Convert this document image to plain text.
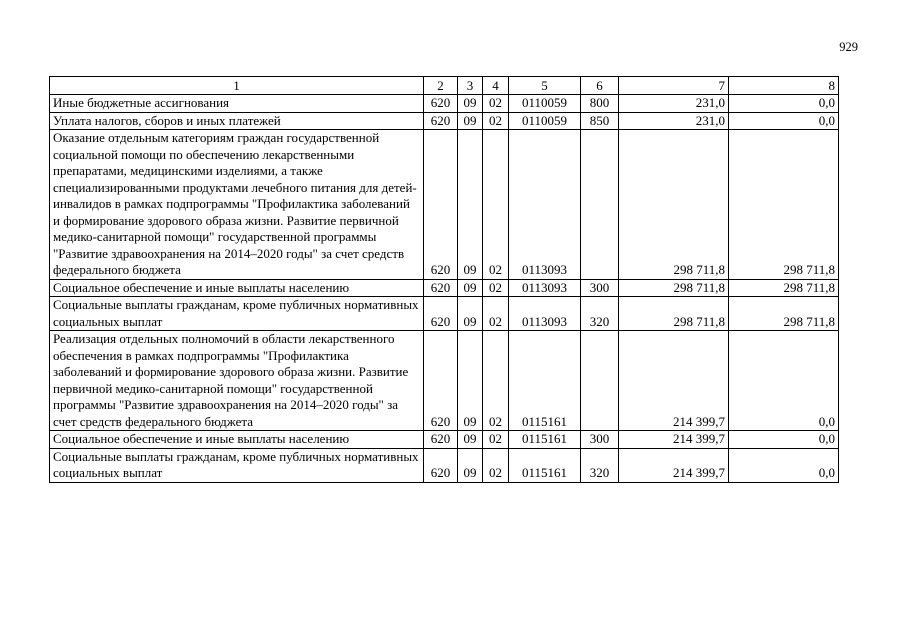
929
1	2	3	4	5	6	7	8
Иные бюджетные ассигнования	620	09	02	0110059	800	231,0	0,0
Уплата налогов, сборов и иных платежей	620	09	02	0110059	850	231,0	0,0
Оказание отдельным категориям граждан государственной социальной помощи по обеспечению лекарственными препаратами, медицинскими изделиями, а также специализированными продуктами лечебного питания для детей-инвалидов в рамках подпрограммы "Профилактика заболеваний и формирование здорового образа жизни. Развитие первичной медико-санитарной помощи" государственной программы "Развитие здравоохранения на 2014–2020 годы" за счет средств федерального бюджета	620	09	02	0113093		298 711,8	298 711,8
Социальное обеспечение и иные выплаты населению	620	09	02	0113093	300	298 711,8	298 711,8
Социальные выплаты гражданам, кроме публичных нормативных социальных выплат	620	09	02	0113093	320	298 711,8	298 711,8
Реализация отдельных полномочий в области лекарственного обеспечения в рамках подпрограммы "Профилактика заболеваний и формирование здорового образа жизни. Развитие первичной медико-санитарной помощи" государственной программы "Развитие здравоохранения на 2014–2020 годы" за счет средств федерального бюджета	620	09	02	0115161		214 399,7	0,0
Социальное обеспечение и иные выплаты населению	620	09	02	0115161	300	214 399,7	0,0
Социальные выплаты гражданам, кроме публичных нормативных социальных выплат	620	09	02	0115161	320	214 399,7	0,0
